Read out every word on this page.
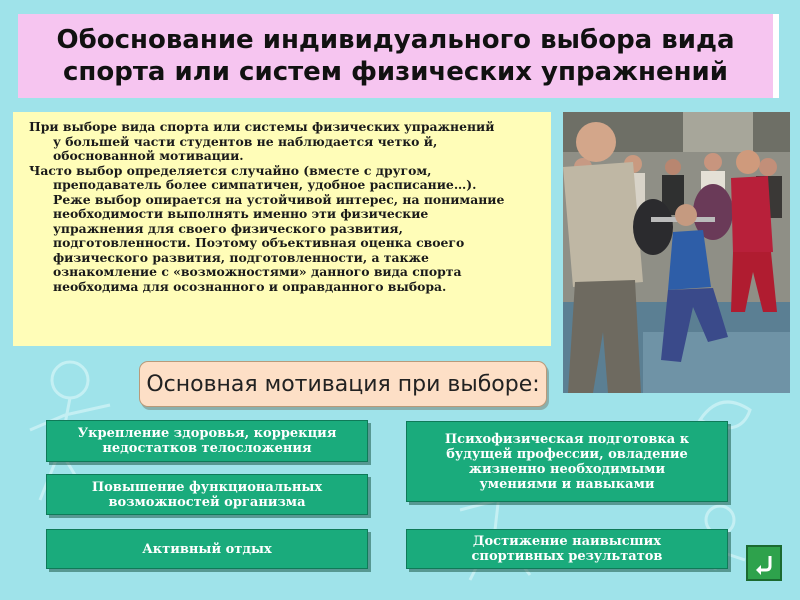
Обоснование индивидуального выбора вида
спорта или систем физических упражнений

При выборе вида спорта или системы физических упражнений
у большей части студентов не наблюдается четко й,
обоснованной мотивации.

Часто выбор определяется случайно (вместе с другом,
преподаватель более симпатичен, удобное расписание…).
Реже выбор опирается на устойчивой интерес, на понимание
необходимости выполнять именно эти физические
упражнения для своего физического развития,
подготовленности. Поэтому объективная оценка своего
физического развития, подготовленности, а также
ознакомление с «возможностями» данного вида спорта
необходима для осознанного и оправданного выбора.

Основная мотивация при выборе:
Укрепление здоровья, коррекция
недостатков телосложения
Повышение функциональных
возможностей организма
Активный отдых
Психофизическая подготовка к
будущей профессии, овладение
жизненно необходимыми
умениями и навыками
Достижение наивысших
спортивных результатов
